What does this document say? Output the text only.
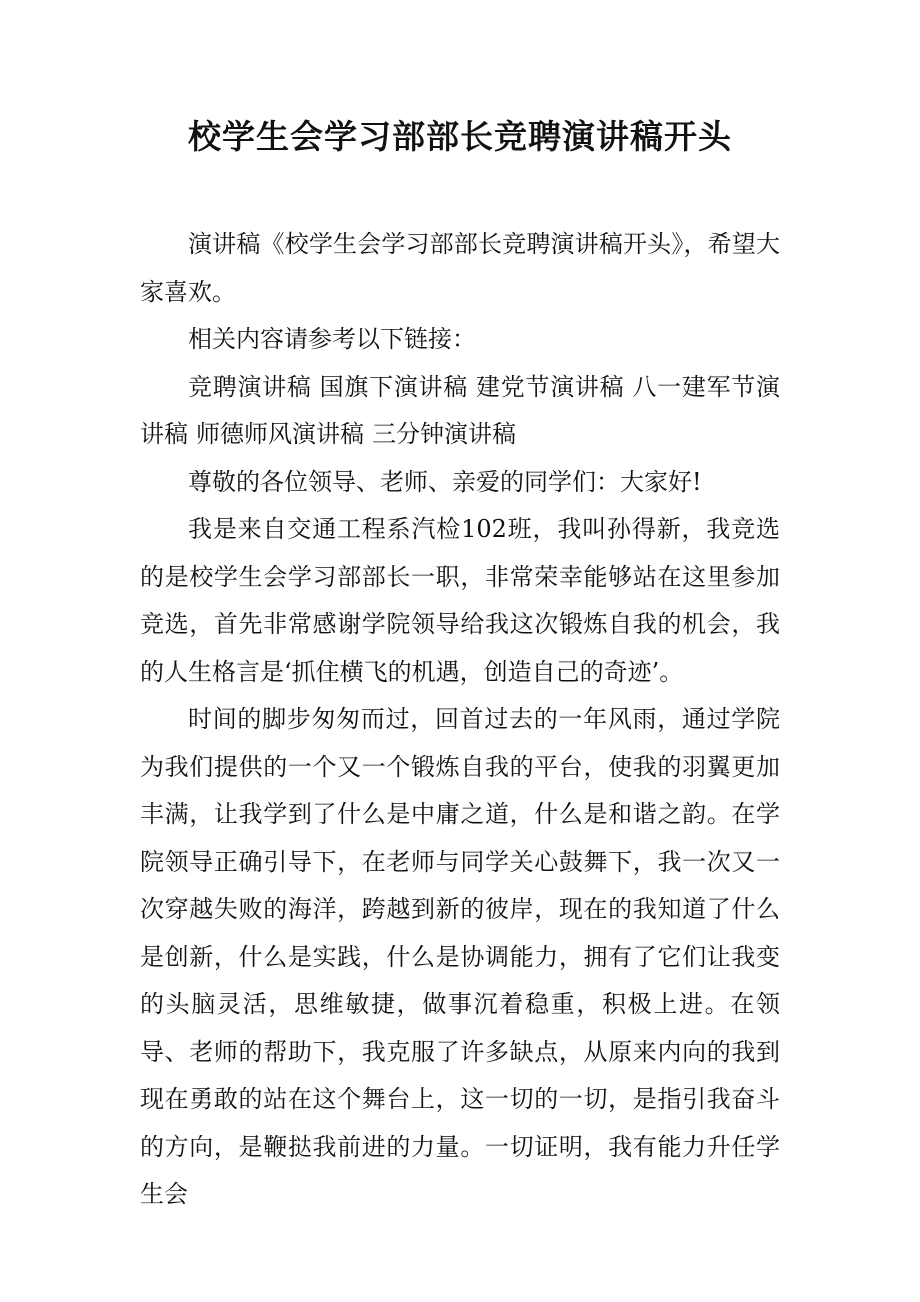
校学生会学习部部长竞聘演讲稿开头

演讲稿《校学生会学习部部长竞聘演讲稿开头》，希望大家喜欢。

相关内容请参考以下链接：

竞聘演讲稿 国旗下演讲稿 建党节演讲稿 八一建军节演讲稿 师德师风演讲稿 三分钟演讲稿

尊敬的各位领导、老师、亲爱的同学们：大家好!

我是来自交通工程系汽检102班，我叫孙得新，我竞选的是校学生会学习部部长一职，非常荣幸能够站在这里参加竞选，首先非常感谢学院领导给我这次锻炼自我的机会，我的人生格言是‘抓住横飞的机遇，创造自己的奇迹’。

时间的脚步匆匆而过，回首过去的一年风雨，通过学院为我们提供的一个又一个锻炼自我的平台，使我的羽翼更加丰满，让我学到了什么是中庸之道，什么是和谐之韵。在学院领导正确引导下，在老师与同学关心鼓舞下，我一次又一次穿越失败的海洋，跨越到新的彼岸，现在的我知道了什么是创新，什么是实践，什么是协调能力，拥有了它们让我变的头脑灵活，思维敏捷，做事沉着稳重，积极上进。在领导、老师的帮助下，我克服了许多缺点，从原来内向的我到现在勇敢的站在这个舞台上，这一切的一切，是指引我奋斗的方向，是鞭挞我前进的力量。一切证明，我有能力升任学生会
